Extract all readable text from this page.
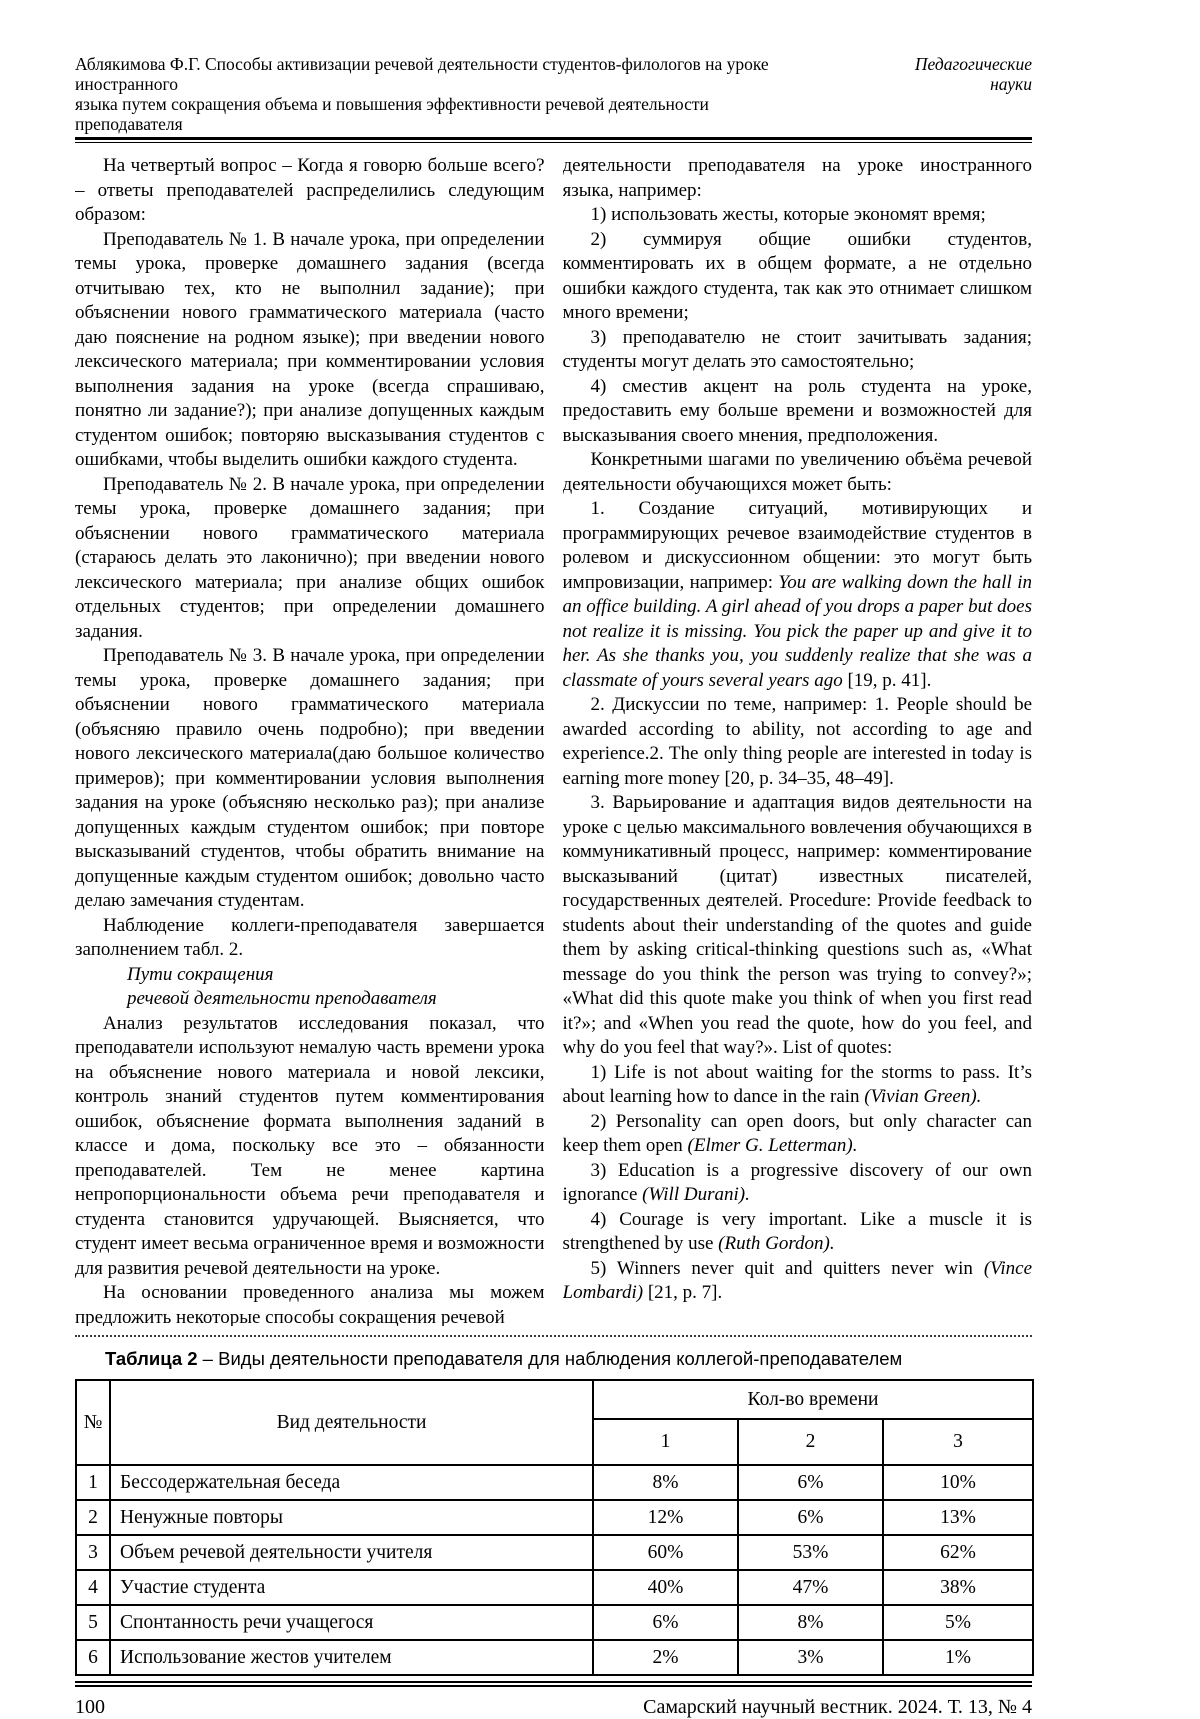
Аблякимова Ф.Г. Способы активизации речевой деятельности студентов-филологов на уроке иностранного
языка путем сокращения объема и повышения эффективности речевой деятельности преподавателя
Педагогические
науки

На четвертый вопрос – Когда я говорю больше всего? – ответы преподавателей распределились следующим образом:

Преподаватель № 1. В начале урока, при определении темы урока, проверке домашнего задания (всегда отчитываю тех, кто не выполнил задание); при объяснении нового грамматического материала (часто даю пояснение на родном языке); при введении нового лексического материала; при комментировании условия выполнения задания на уроке (всегда спрашиваю, понятно ли задание?); при анализе допущенных каждым студентом ошибок; повторяю высказывания студентов с ошибками, чтобы выделить ошибки каждого студента.

Преподаватель № 2. В начале урока, при определении темы урока, проверке домашнего задания; при объяснении нового грамматического материала (стараюсь делать это лаконично); при введении нового лексического материала; при анализе общих ошибок отдельных студентов; при определении домашнего задания.

Преподаватель № 3. В начале урока, при определении темы урока, проверке домашнего задания; при объяснении нового грамматического материала (объясняю правило очень подробно); при введении нового лексического материала(даю большое количество примеров); при комментировании условия выполнения задания на уроке (объясняю несколько раз); при анализе допущенных каждым студентом ошибок; при повторе высказываний студентов, чтобы обратить внимание на допущенные каждым студентом ошибок; довольно часто делаю замечания студентам.

Наблюдение коллеги-преподавателя завершается заполнением табл. 2.

Пути сокращения
речевой деятельности преподавателя

Анализ результатов исследования показал, что преподаватели используют немалую часть времени урока на объяснение нового материала и новой лексики, контроль знаний студентов путем комментирования ошибок, объяснение формата выполнения заданий в классе и дома, поскольку все это – обязанности преподавателей. Тем не менее картина непропорциональности объема речи преподавателя и студента становится удручающей. Выясняется, что студент имеет весьма ограниченное время и возможности для развития речевой деятельности на уроке.

На основании проведенного анализа мы можем предложить некоторые способы сокращения речевой

деятельности преподавателя на уроке иностранного языка, например:

1) использовать жесты, которые экономят время;

2) суммируя общие ошибки студентов, комментировать их в общем формате, а не отдельно ошибки каждого студента, так как это отнимает слишком много времени;

3) преподавателю не стоит зачитывать задания; студенты могут делать это самостоятельно;

4) сместив акцент на роль студента на уроке, предоставить ему больше времени и возможностей для высказывания своего мнения, предположения.

Конкретными шагами по увеличению объёма речевой деятельности обучающихся может быть:

1. Создание ситуаций, мотивирующих и программирующих речевое взаимодействие студентов в ролевом и дискуссионном общении: это могут быть импровизации, например: You are walking down the hall in an office building. A girl ahead of you drops a paper but does not realize it is missing. You pick the paper up and give it to her. As she thanks you, you suddenly realize that she was a classmate of yours several years ago [19, p. 41].

2. Дискуссии по теме, например: 1. People should be awarded according to ability, not according to age and experience.2. The only thing people are interested in today is earning more money [20, p. 34–35, 48–49].

3. Варьирование и адаптация видов деятельности на уроке с целью максимального вовлечения обучающихся в коммуникативный процесс, например: комментирование высказываний (цитат) известных писателей, государственных деятелей. Procedure: Provide feedback to students about their understanding of the quotes and guide them by asking critical-thinking questions such as, «What message do you think the person was trying to convey?»; «What did this quote make you think of when you first read it?»; and «When you read the quote, how do you feel, and why do you feel that way?». List of quotes:

1) Life is not about waiting for the storms to pass. It’s about learning how to dance in the rain (Vivian Green).

2) Personality can open doors, but only character can keep them open (Elmer G. Letterman).

3) Education is a progressive discovery of our own ignorance (Will Durani).

4) Courage is very important. Like a muscle it is strengthened by use (Ruth Gordon).

5) Winners never quit and quitters never win (Vince Lombardi) [21, p. 7].

Таблица 2 – Виды деятельности преподавателя для наблюдения коллегой-преподавателем
№	Вид деятельности	Кол-во времени		
		1	2	3
1	Бессодержательная беседа	8%	6%	10%
2	Ненужные повторы	12%	6%	13%
3	Объем речевой деятельности учителя	60%	53%	62%
4	Участие студента	40%	47%	38%
5	Спонтанность речи учащегося	6%	8%	5%
6	Использование жестов учителем	2%	3%	1%
100	Самарский научный вестник. 2024. Т. 13, № 4
